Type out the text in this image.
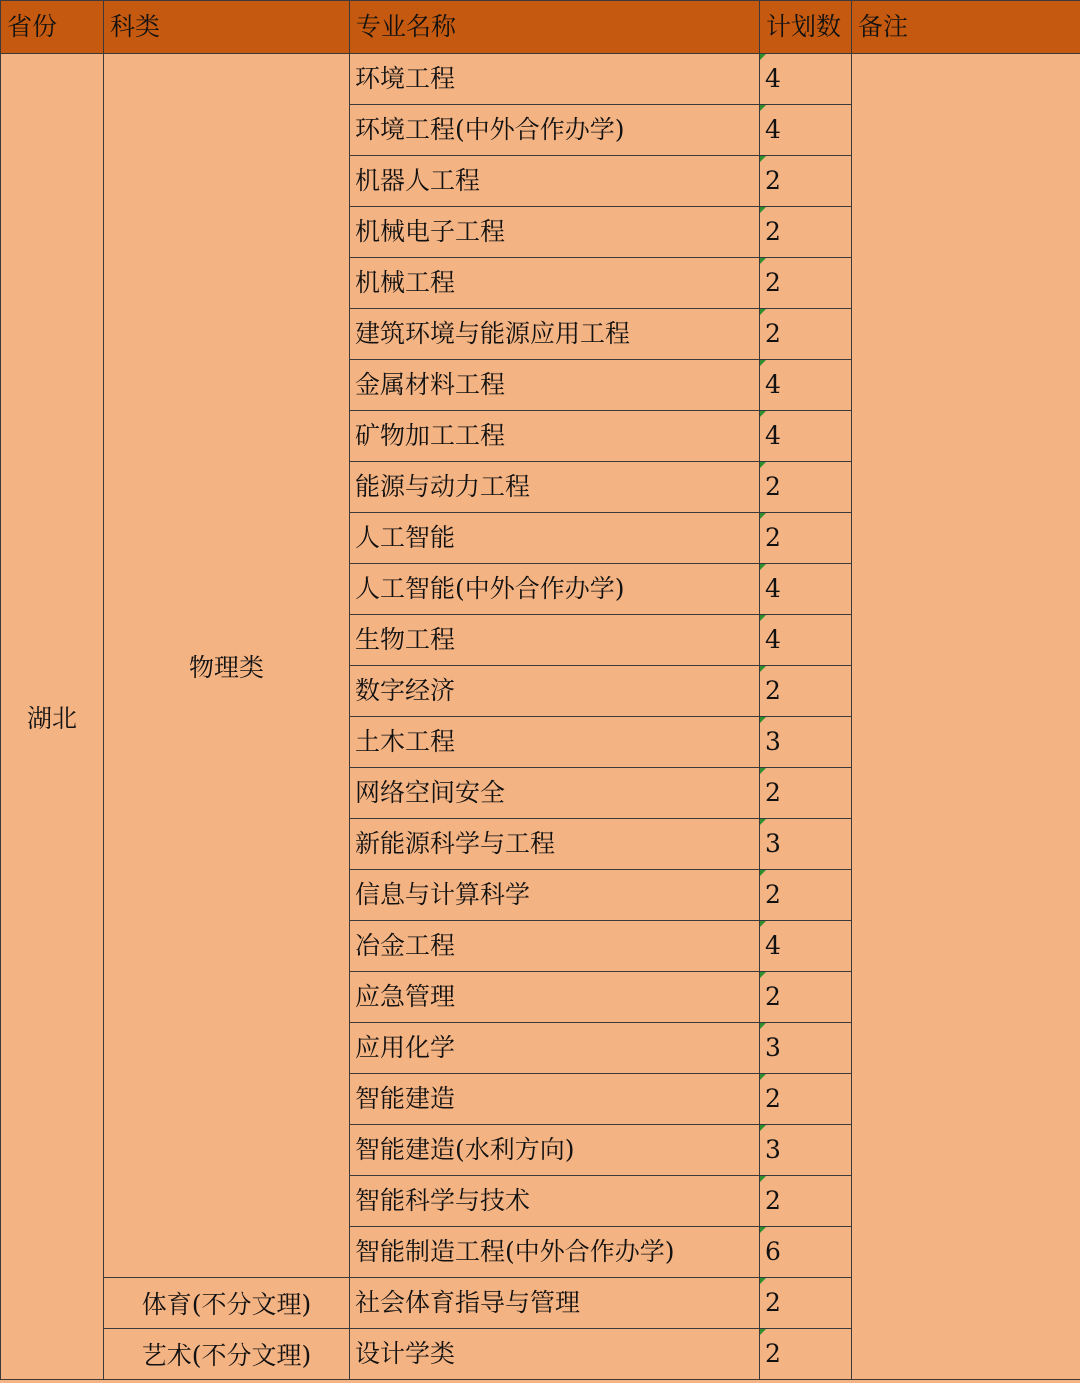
省份	科类	专业名称	计划数	备注
湖北	物理类	环境工程	4	
		环境工程(中外合作办学)	4	
		机器人工程	2	
		机械电子工程	2	
		机械工程	2	
		建筑环境与能源应用工程	2	
		金属材料工程	4	
		矿物加工工程	4	
		能源与动力工程	2	
		人工智能	2	
		人工智能(中外合作办学)	4	
		生物工程	4	
		数字经济	2	
		土木工程	3	
		网络空间安全	2	
		新能源科学与工程	3	
		信息与计算科学	2	
		冶金工程	4	
		应急管理	2	
		应用化学	3	
		智能建造	2	
		智能建造(水利方向)	3	
		智能科学与技术	2	
		智能制造工程(中外合作办学)	6	
	体育(不分文理)	社会体育指导与管理	2	
	艺术(不分文理)	设计学类	2	
